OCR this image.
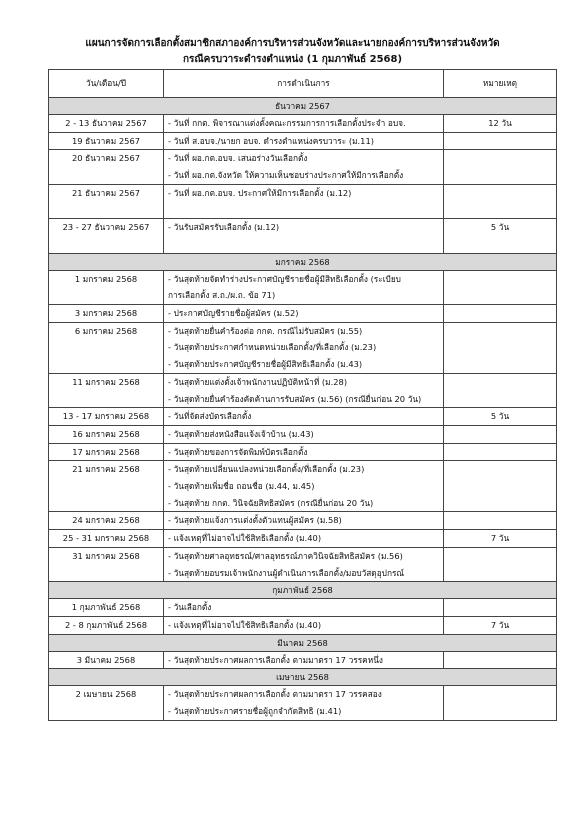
แผนการจัดการเลือกตั้งสมาชิกสภาองค์การบริหารส่วนจังหวัดและนายกองค์การบริหารส่วนจังหวัด
กรณีครบวาระดำรงตำแหน่ง (1 กุมภาพันธ์ 2568)
วัน/เดือน/ปี	การดำเนินการ	หมายเหตุ
ธันวาคม 2567		
2 - 13 ธันวาคม 2567	- วันที่ กกต. พิจารณาแต่งตั้งคณะกรรมการการเลือกตั้งประจำ อบจ.	12 วัน
19 ธันวาคม 2567	- วันที่ ส.อบจ./นายก อบจ. ดำรงตำแหน่งครบวาระ (ม.11)	

20 ธันวาคม 2567	- วันที่ ผอ.กต.อบจ. เสนอร่างวันเลือกตั้ง
- วันที่ ผอ.กต.จังหวัด ให้ความเห็นชอบร่างประกาศให้มีการเลือกตั้ง	

21 ธันวาคม 2567	- วันที่ ผอ.กต.อบจ. ประกาศให้มีการเลือกตั้ง (ม.12)	

23 - 27 ธันวาคม 2567	- วันรับสมัครรับเลือกตั้ง (ม.12)	5 วัน
มกราคม 2568		
1 มกราคม 2568	- วันสุดท้ายจัดทำร่างประกาศบัญชีรายชื่อผู้มีสิทธิเลือกตั้ง (ระเบียบ
การเลือกตั้ง ส.ถ./ผ.ถ. ข้อ 71)	

3 มกราคม 2568	- ประกาศบัญชีรายชื่อผู้สมัคร (ม.52)	

6 มกราคม 2568	- วันสุดท้ายยื่นคำร้องต่อ กกต. กรณีไม่รับสมัคร (ม.55)
- วันสุดท้ายประกาศกำหนดหน่วยเลือกตั้ง/ที่เลือกตั้ง (ม.23)
- วันสุดท้ายประกาศบัญชีรายชื่อผู้มีสิทธิเลือกตั้ง (ม.43)	

11 มกราคม 2568	- วันสุดท้ายแต่งตั้งเจ้าพนักงานปฏิบัติหน้าที่ (ม.28)
- วันสุดท้ายยื่นคำร้องคัดค้านการรับสมัคร (ม.56) (กรณียื่นก่อน 20 วัน)	

13 - 17 มกราคม 2568	- วันที่จัดส่งบัตรเลือกตั้ง	5 วัน
16 มกราคม 2568	- วันสุดท้ายส่งหนังสือแจ้งเจ้าบ้าน (ม.43)	

17 มกราคม 2568	- วันสุดท้ายของการจัดพิมพ์บัตรเลือกตั้ง	

21 มกราคม 2568	- วันสุดท้ายเปลี่ยนแปลงหน่วยเลือกตั้ง/ที่เลือกตั้ง (ม.23)
- วันสุดท้ายเพิ่มชื่อ ถอนชื่อ (ม.44, ม.45)
- วันสุดท้าย กกต. วินิจฉัยสิทธิสมัคร (กรณียื่นก่อน 20 วัน)	

24 มกราคม 2568	- วันสุดท้ายแจ้งการแต่งตั้งตัวแทนผู้สมัคร (ม.58)	

25 - 31 มกราคม 2568	- แจ้งเหตุที่ไม่อาจไปใช้สิทธิเลือกตั้ง (ม.40)	7 วัน
31 มกราคม 2568	- วันสุดท้ายศาลอุทธรณ์/ศาลอุทธรณ์ภาควินิจฉัยสิทธิสมัคร (ม.56)
- วันสุดท้ายอบรมเจ้าพนักงานผู้ดำเนินการเลือกตั้ง/มอบวัสดุอุปกรณ์	

กุมภาพันธ์ 2568		
1 กุมภาพันธ์ 2568	- วันเลือกตั้ง	

2 - 8 กุมภาพันธ์ 2568	- แจ้งเหตุที่ไม่อาจไปใช้สิทธิเลือกตั้ง (ม.40)	7 วัน
มีนาคม 2568		
3 มีนาคม 2568	- วันสุดท้ายประกาศผลการเลือกตั้ง ตามมาตรา 17 วรรคหนึ่ง	

เมษายน 2568		
2 เมษายน 2568	- วันสุดท้ายประกาศผลการเลือกตั้ง ตามมาตรา 17 วรรคสอง
- วันสุดท้ายประกาศรายชื่อผู้ถูกจำกัดสิทธิ (ม.41)	
